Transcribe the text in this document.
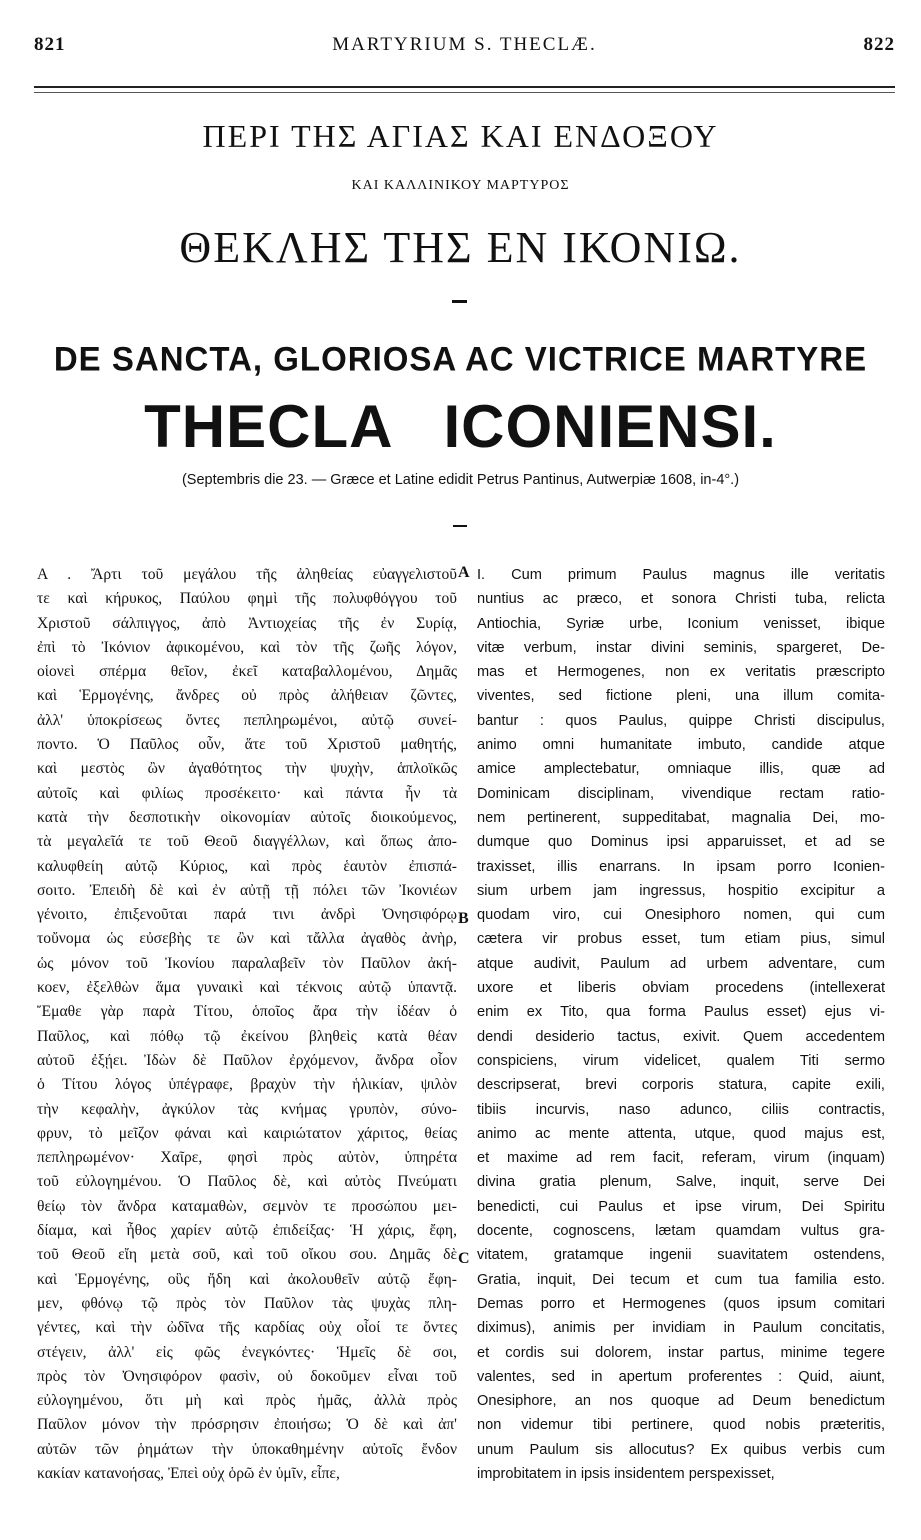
821	MARTYRIUM S. THECLÆ.	822
ΠΕΡΙ ΤΗΣ ΑΓΙΑΣ ΚΑΙ ΕΝΔΟΞΟΥ
ΚΑΙ ΚΑΛΛΙΝΙΚΟΥ ΜΑΡΤΥΡΟΣ
ΘΕΚΛΗΣ ΤΗΣ ΕΝ ΙΚΟΝΙΩ.
DE SANCTA, GLORIOSA AC VICTRICE MARTYRE
THECLA ICONIENSI.
(Septembris die 23. — Græce et Latine edidit Petrus Pantinus, Autwerpiæ 1608, in-4°.)
A
B
C
A . Ἄρτι τοῦ μεγάλου τῆς ἀληθείας εὐαγγελιστοῦ
τε καὶ κήρυκος, Παύλου φημὶ τῆς πολυφθόγγου τοῦ
Χριστοῦ σάλπιγγος, ἀπὸ Ἀντιοχείας τῆς ἐν Συρίᾳ,
ἐπὶ τὸ Ἰκόνιον ἀφικομένου, καὶ τὸν τῆς ζωῆς λόγον,
οἱονεὶ σπέρμα θεῖον, ἐκεῖ καταβαλλομένου, Δημᾶς
καὶ Ἑρμογένης, ἄνδρες οὐ πρὸς ἀλήθειαν ζῶντες,
ἀλλ' ὑποκρίσεως ὄντες πεπληρωμένοι, αὐτῷ συνεί-
ποντο. Ὁ Παῦλος οὖν, ἅτε τοῦ Χριστοῦ μαθητής,
καὶ μεστὸς ὢν ἀγαθότητος τὴν ψυχὴν, ἁπλοϊκῶς
αὐτοῖς καὶ φιλίως προσέκειτο· καὶ πάντα ἦν τὰ
κατὰ τὴν δεσποτικὴν οἰκονομίαν αὐτοῖς διοικούμενος,
τὰ μεγαλεῖά τε τοῦ Θεοῦ διαγγέλλων, καὶ ὅπως ἀπο-
καλυφθείη αὐτῷ Κύριος, καὶ πρὸς ἑαυτὸν ἐπισπά-
σοιτο. Ἐπειδὴ δὲ καὶ ἐν αὐτῇ τῇ πόλει τῶν Ἰκονιέων
γένοιτο, ἐπιξενοῦται παρά τινι ἀνδρὶ Ὀνησιφόρῳ
τοὔνομα ὡς εὐσεβὴς τε ὢν καὶ τἄλλα ἀγαθὸς ἀνὴρ,
ὡς μόνον τοῦ Ἰκονίου παραλαβεῖν τὸν Παῦλον ἀκή-
κοεν, ἐξελθὼν ἅμα γυναικὶ καὶ τέκνοις αὐτῷ ὑπαντᾷ.
Ἔμαθε γὰρ παρὰ Τίτου, ὁποῖος ἄρα τὴν ἰδέαν ὁ
Παῦλος, καὶ πόθῳ τῷ ἐκείνου βληθεὶς κατὰ θέαν
αὐτοῦ ἐξῄει. Ἰδὼν δὲ Παῦλον ἐρχόμενον, ἄνδρα οἷον
ὁ Τίτου λόγος ὑπέγραφε, βραχὺν τὴν ἡλικίαν, ψιλὸν
τὴν κεφαλὴν, ἀγκύλον τὰς κνήμας γρυπὸν, σύνο-
φρυν, τὸ μεῖζον φάναι καὶ καιριώτατον χάριτος, θείας
πεπληρωμένον· Χαῖρε, φησὶ πρὸς αὐτὸν, ὑπηρέτα
τοῦ εὐλογημένου. Ὁ Παῦλος δὲ, καὶ αὐτὸς Πνεύματι
θείῳ τὸν ἄνδρα καταμαθὼν, σεμνὸν τε προσώπου μει-
δίαμα, καὶ ἦθος χαρίεν αὐτῷ ἐπιδείξας· Ἡ χάρις, ἔφη,
τοῦ Θεοῦ εἴη μετὰ σοῦ, καὶ τοῦ οἴκου σου. Δημᾶς δὲ
καὶ Ἑρμογένης, οὓς ἤδη καὶ ἀκολουθεῖν αὐτῷ ἔφη-
μεν, φθόνῳ τῷ πρὸς τὸν Παῦλον τὰς ψυχὰς πλη-
γέντες, καὶ τὴν ὠδῖνα τῆς καρδίας οὐχ οἷοί τε ὄντες
στέγειν, ἀλλ' εἰς φῶς ἐνεγκόντες· Ἡμεῖς δὲ σοι,
πρὸς τὸν Ὀνησιφόρον φασὶν, οὐ δοκοῦμεν εἶναι τοῦ
εὐλογημένου, ὅτι μὴ καὶ πρὸς ἡμᾶς, ἀλλὰ πρὸς
Παῦλον μόνον τὴν πρόσρησιν ἐποιήσω; Ὁ δὲ καὶ ἀπ'
αὐτῶν τῶν ῥημάτων τὴν ὑποκαθημένην αὐτοῖς ἔνδον
κακίαν κατανοήσας, Ἐπεὶ οὐχ ὁρῶ ἐν ὑμῖν, εἶπε,
I. Cum primum Paulus magnus ille veritatis
nuntius ac præco, et sonora Christi tuba, relicta
Antiochia, Syriæ urbe, Iconium venisset, ibique
vitæ verbum, instar divini seminis, spargeret, De-
mas et Hermogenes, non ex veritatis præscripto
viventes, sed fictione pleni, una illum comita-
bantur : quos Paulus, quippe Christi discipulus,
animo omni humanitate imbuto, candide atque
amice amplectebatur, omniaque illis, quæ ad
Dominicam disciplinam, vivendique rectam ratio-
nem pertinerent, suppeditabat, magnalia Dei, mo-
dumque quo Dominus ipsi apparuisset, et ad se
traxisset, illis enarrans. In ipsam porro Iconien-
sium urbem jam ingressus, hospitio excipitur a
quodam viro, cui Onesiphoro nomen, qui cum
cætera vir probus esset, tum etiam pius, simul
atque audivit, Paulum ad urbem adventare, cum
uxore et liberis obviam procedens (intellexerat
enim ex Tito, qua forma Paulus esset) ejus vi-
dendi desiderio tactus, exivit. Quem accedentem
conspiciens, virum videlicet, qualem Titi sermo
descripserat, brevi corporis statura, capite exili,
tibiis incurvis, naso adunco, ciliis contractis,
animo ac mente attenta, utque, quod majus est,
et maxime ad rem facit, referam, virum (inquam)
divina gratia plenum, Salve, inquit, serve Dei
benedicti, cui Paulus et ipse virum, Dei Spiritu
docente, cognoscens, lætam quamdam vultus gra-
vitatem, gratamque ingenii suavitatem ostendens,
Gratia, inquit, Dei tecum et cum tua familia esto.
Demas porro et Hermogenes (quos ipsum comitari
diximus), animis per invidiam in Paulum concitatis,
et cordis sui dolorem, instar partus, minime tegere
valentes, sed in apertum proferentes : Quid, aiunt,
Onesiphore, an nos quoque ad Deum benedictum
non videmur tibi pertinere, quod nobis præteritis,
unum Paulum sis allocutus? Ex quibus verbis cum
improbitatem in ipsis insidentem perspexisset,
